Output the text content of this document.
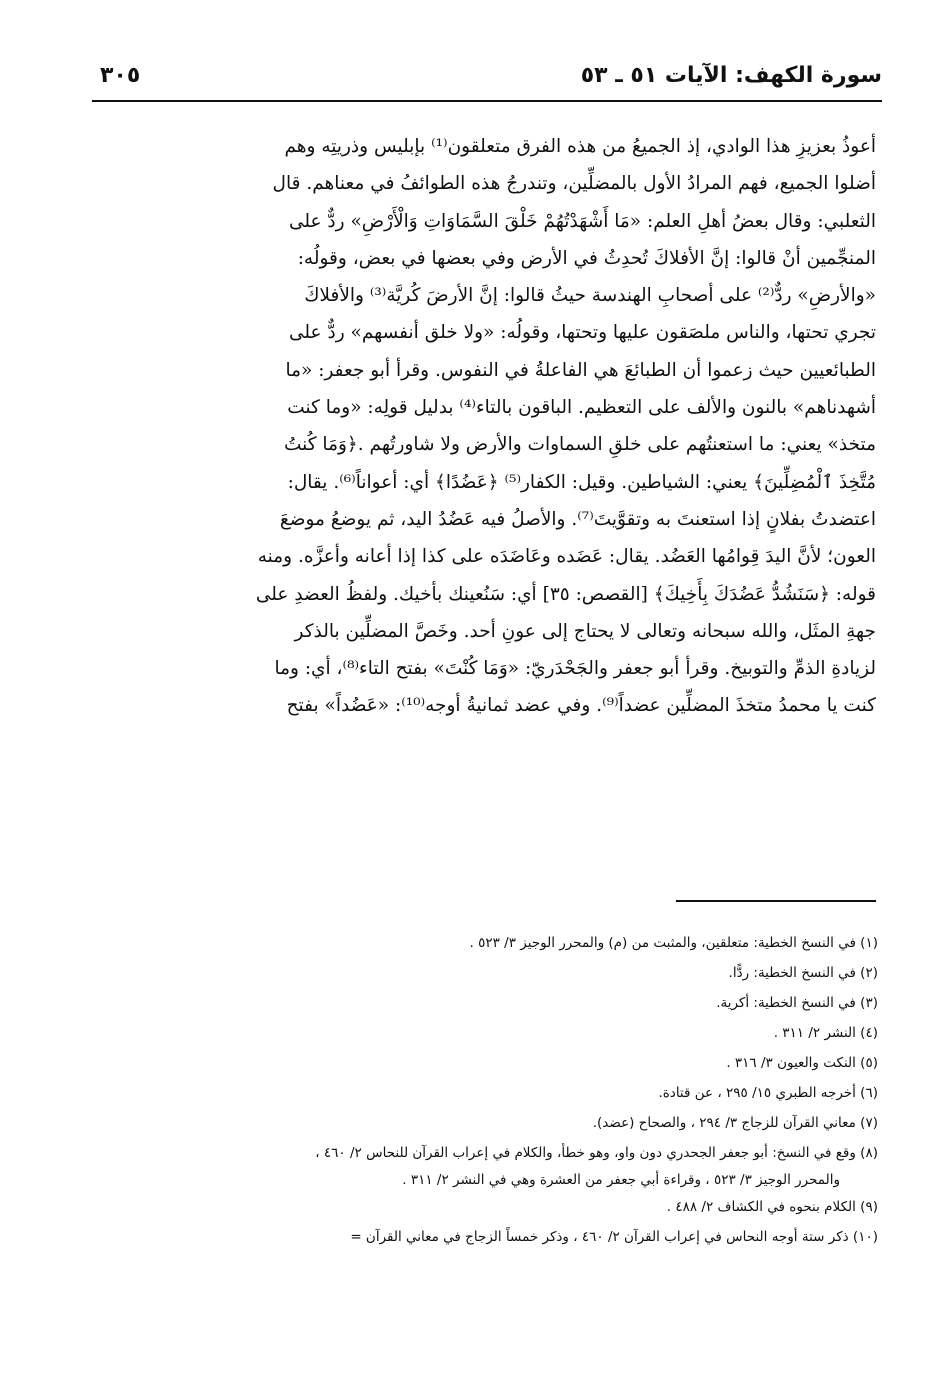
سورة الكهف: الآيات ٥١ ـ ٥٣
٣٠٥
أعوذُ بعزيزِ هذا الوادي، إذ الجميعُ من هذه الفرق متعلقون⁽¹⁾ بإبليس وذريتِه وهم
أضلوا الجميع، فهم المرادُ الأول بالمضلِّين، وتندرجُ هذه الطوائفُ في معناهم. قال
الثعلبي: وقال بعضُ أهلِ العلم: «مَا أَشْهَدْتُهُمْ خَلْقَ السَّمَاوَاتِ وَالْأَرْضِ» ردٌّ على
المنجِّمين أنْ قالوا: إنَّ الأفلاكَ تُحدِثُ في الأرض وفي بعضها في بعض، وقولُه:
«والأرضِ» ردٌّ⁽²⁾ على أصحابِ الهندسة حيثُ قالوا: إنَّ الأرضَ كُريَّة⁽³⁾ والأفلاكَ
تجري تحتها، والناس ملصَقون عليها وتحتها، وقولُه: «ولا خلق أنفسهم» ردٌّ على
الطبائعيين حيث زعموا أن الطبائعَ هي الفاعلةُ في النفوس. وقرأ أبو جعفر: «ما
أشهدناهم» بالنون والألف على التعظيم. الباقون بالتاء⁽⁴⁾ بدليل قولِه: «وما كنت
متخذ» يعني: ما استعنتُهم على خلقِ السماوات والأرض ولا شاورتُهم .﴿وَمَا كُنتُ
مُتَّخِذَ ٱلْمُضِلِّينَ﴾ يعني: الشياطين. وقيل: الكفار⁽⁵⁾ ﴿عَضُدًا﴾ أي: أعواناً⁽⁶⁾. يقال:
اعتضدتُ بفلانٍ إذا استعنتَ به وتقوَّيتَ⁽⁷⁾. والأصلُ فيه عَضُدُ اليد، ثم يوضعُ موضعَ
العون؛ لأنَّ اليدَ قِوامُها العَضُد. يقال: عَضَده وعَاضَدَه على كذا إذا أعانه وأعزَّه. ومنه
قوله: ﴿سَنَشُدُّ عَضُدَكَ بِأَخِيكَ﴾ [القصص: ٣٥] أي: سَنُعينك بأخيك. ولفظُ العضدِ على
جهةِ المثَل، والله سبحانه وتعالى لا يحتاج إلى عونِ أحد. وخَصَّ المضلِّين بالذكر
لزيادةِ الذمِّ والتوبيخ. وقرأ أبو جعفر والجَحْدَريّ: «وَمَا كُنْتَ» بفتح التاء⁽⁸⁾، أي: وما
كنت يا محمدُ متخذَ المضلِّين عضداً⁽⁹⁾. وفي عضد ثمانيةُ أوجه⁽¹⁰⁾: «عَضُداً» بفتح
(١) في النسخ الخطية: متعلقين، والمثبت من (م) والمحرر الوجيز ٣/ ٥٢٣ .
(٢) في النسخ الخطية: ردًّا.
(٣) في النسخ الخطية: أكرية.
(٤) النشر ٢/ ٣١١ .
(٥) النكت والعيون ٣/ ٣١٦ .
(٦) أخرجه الطبري ١٥/ ٢٩٥ ، عن قتادة.
(٧) معاني القرآن للزجاج ٣/ ٢٩٤ ، والصحاح (عضد).
(٨) وقع في النسخ: أبو جعفر الجحدري دون واو، وهو خطأ، والكلام في إعراب القرآن للنحاس ٢/ ٤٦٠ ،
والمحرر الوجيز ٣/ ٥٢٣ ، وقراءة أبي جعفر من العشرة وهي في النشر ٢/ ٣١١ .
(٩) الكلام بنحوه في الكشاف ٢/ ٤٨٨ .
(١٠) ذكر ستة أوجه النحاس في إعراب القرآن ٢/ ٤٦٠ ، وذكر خمساً الزجاج في معاني القرآن =
